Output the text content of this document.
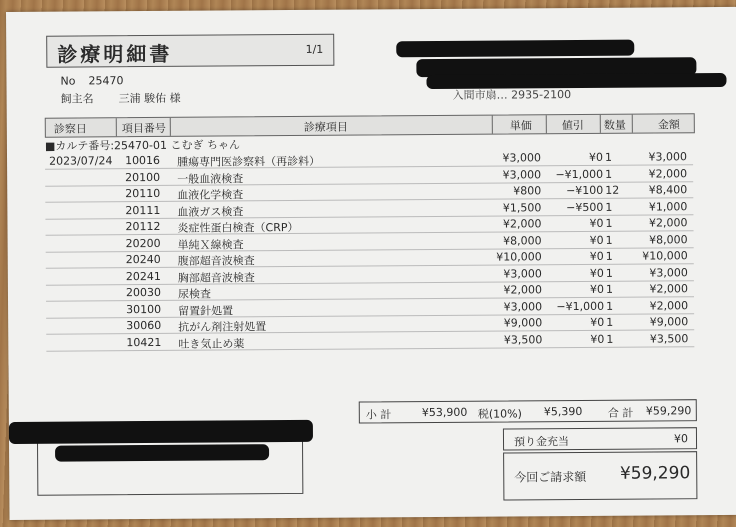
診療明細書	1/1
No 25470
飼主名 三浦 駿佑 様	入間市扇… 2935-2100
診察日	項目番号	診療項目	単価	値引 数量	金額
■カルテ番号:25470-01 こむぎ ちゃん
2023/07/24 10016 腫瘍専門医診察料（再診料）	¥3,000	¥0 1	¥3,000
20100 一般血液検査	¥3,000 −¥1,000 1	¥2,000
20110 血液化学検査	¥800 −¥100 12	¥8,400
20111 血液ガス検査	¥1,500 −¥500 1	¥1,000
20112 炎症性蛋白検査（CRP）	¥2,000	¥0 1	¥2,000
20200 単純Ｘ線検査	¥8,000	¥0 1	¥8,000
20240 腹部超音波検査	¥10,000	¥0 1	¥10,000
20241 胸部超音波検査	¥3,000	¥0 1	¥3,000
20030 尿検査	¥2,000	¥0 1	¥2,000
30100 留置針処置	¥3,000 −¥1,000 1	¥2,000
30060 抗がん剤注射処置	¥9,000	¥0 1	¥9,000
10421 吐き気止め薬	¥3,500	¥0 1	¥3,500
小 計	¥53,900 税(10%) ¥5,390 合 計 ¥59,290
預り金充当	¥0
今回ご請求額 ¥59,290
